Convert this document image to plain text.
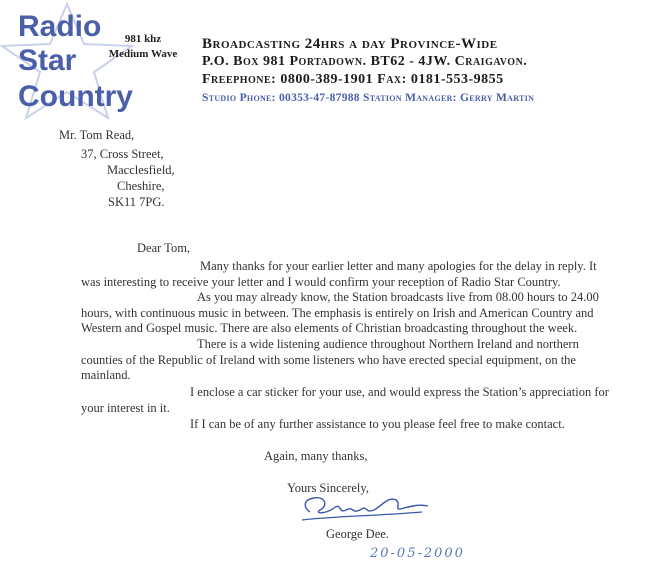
Radio
Star
Country
981 khz
Medium Wave
Broadcasting 24hrs a day Province-Wide
P.O. Box 981 Portadown. BT62 - 4JW. Craigavon.
Freephone: 0800-389-1901 Fax: 0181-553-9855
Studio Phone: 00353-47-87988 Station Manager: Gerry Martin
Mr. Tom Read,
37, Cross Street,
Macclesfield,
Cheshire,
SK11 7PG.
Dear Tom,
Many thanks for your earlier letter and many apologies for the delay in reply. It
was interesting to receive your letter and I would confirm your reception of Radio Star Country.
As you may already know, the Station broadcasts live from 08.00 hours to 24.00
hours, with continuous music in between. The emphasis is entirely on Irish and American Country and
Western and Gospel music. There are also elements of Christian broadcasting throughout the week.
There is a wide listening audience throughout Northern Ireland and northern
counties of the Republic of Ireland with some listeners who have erected special equipment, on the
mainland.
I enclose a car sticker for your use, and would express the Station’s appreciation for
your interest in it.
If I can be of any further assistance to you please feel free to make contact.
Again, many thanks,
Yours Sincerely,
George Dee.
20-05-2000
